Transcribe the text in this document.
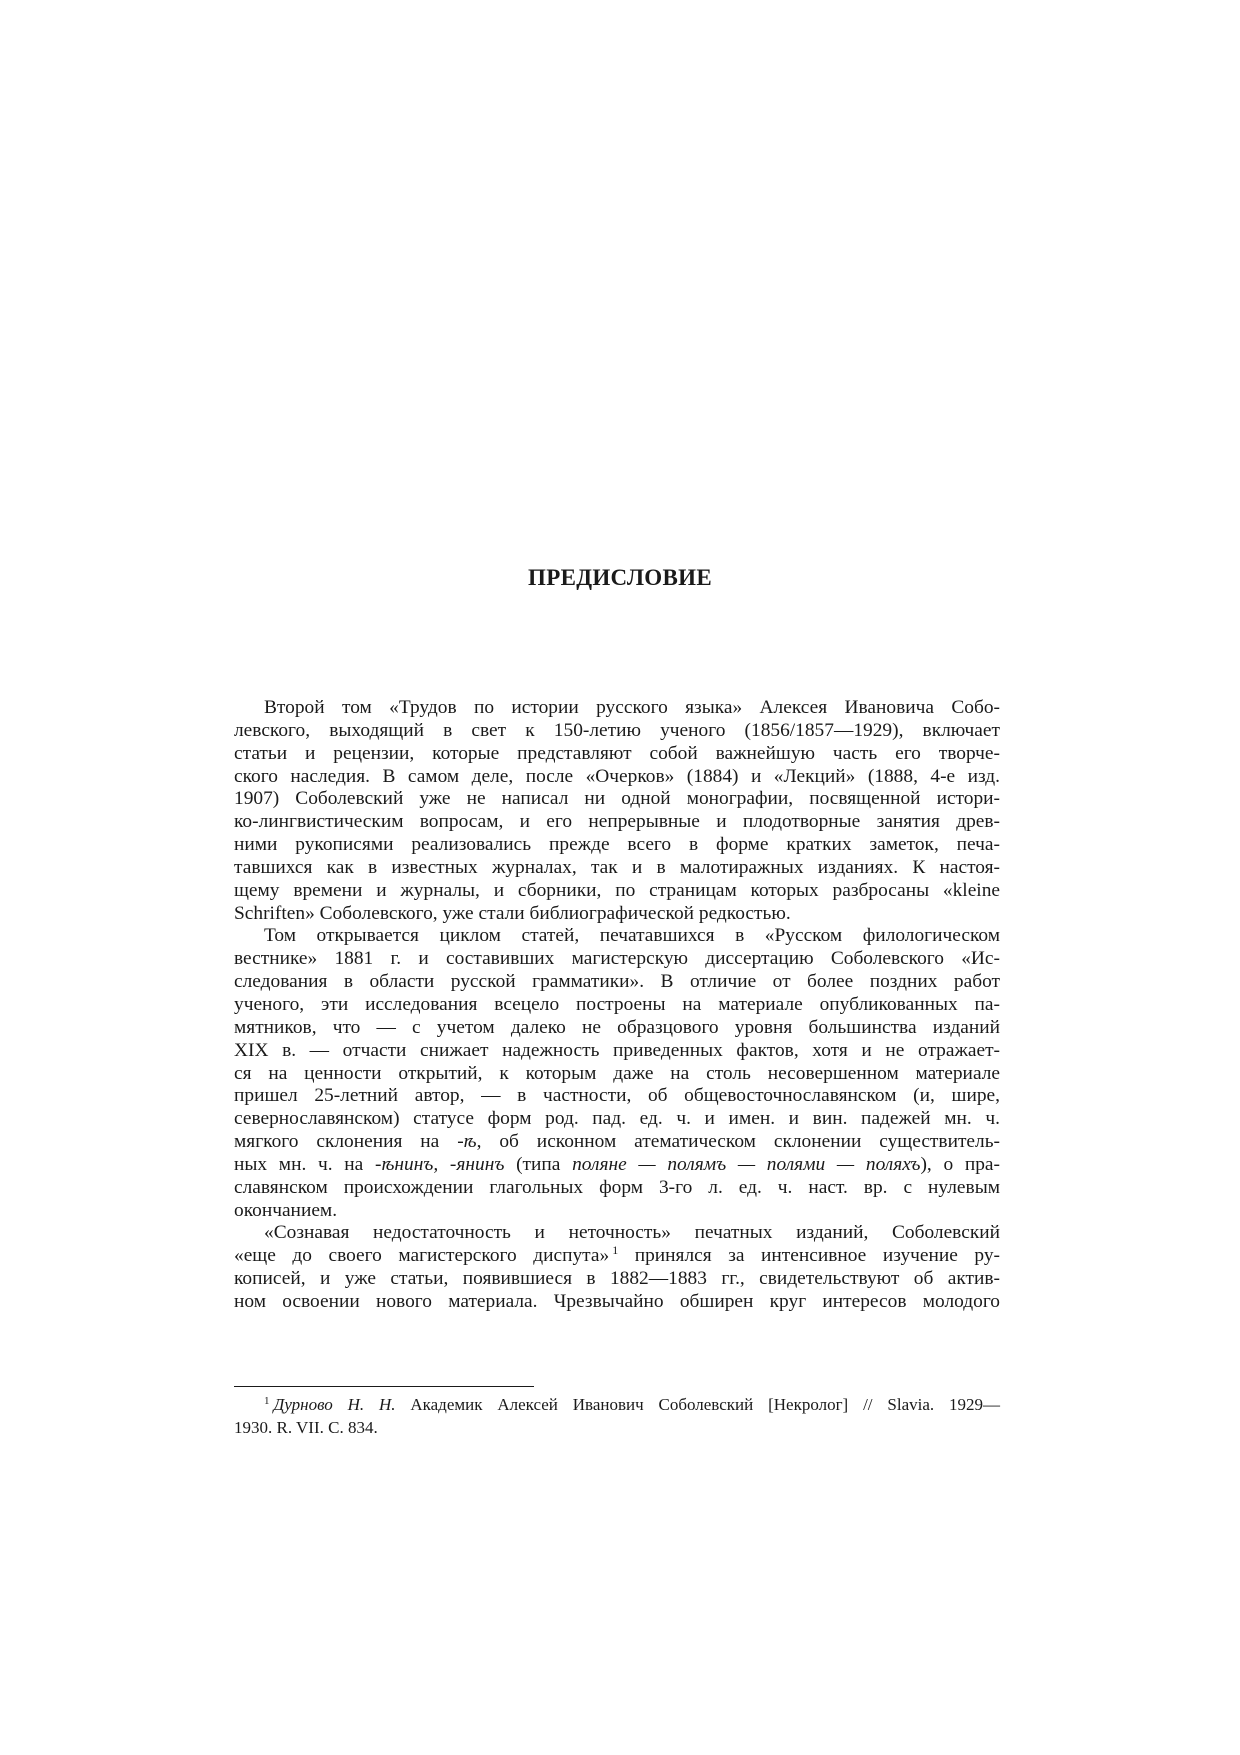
ПРЕДИСЛОВИЕ

Второй том «Трудов по истории русского языка» Алексея Ивановича Собо-
левского, выходящий в свет к 150-летию ученого (1856/1857—1929), включает
статьи и рецензии, которые представляют собой важнейшую часть его творче-
ского наследия. В самом деле, после «Очерков» (1884) и «Лекций» (1888, 4-е изд.
1907) Соболевский уже не написал ни одной монографии, посвященной истори-
ко-лингвистическим вопросам, и его непрерывные и плодотворные занятия древ-
ними рукописями реализовались прежде всего в форме кратких заметок, печа-
тавшихся как в известных журналах, так и в малотиражных изданиях. К настоя-
щему времени и журналы, и сборники, по страницам которых разбросаны «kleine
Schriften» Соболевского, уже стали библиографической редкостью.

Том открывается циклом статей, печатавшихся в «Русском филологическом
вестнике» 1881 г. и составивших магистерскую диссертацию Соболевского «Ис-
следования в области русской грамматики». В отличие от более поздних работ
ученого, эти исследования всецело построены на материале опубликованных па-
мятников, что — с учетом далеко не образцового уровня большинства изданий
XIX в. — отчасти снижает надежность приведенных фактов, хотя и не отражает-
ся на ценности открытий, к которым даже на столь несовершенном материале
пришел 25-летний автор, — в частности, об общевосточнославянском (и, шире,
севернославянском) статусе форм род. пад. ед. ч. и имен. и вин. падежей мн. ч.
мягкого склонения на -ѣ, об исконном атематическом склонении существитель-
ных мн. ч. на -ѣнинъ, -янинъ (типа поляне — полямъ — полями — поляхъ), о пра-
славянском происхождении глагольных форм 3-го л. ед. ч. наст. вр. с нулевым
окончанием.

«Сознавая недостаточность и неточность» печатных изданий, Соболевский
«еще до своего магистерского диспута» $^1$ принялся за интенсивное изучение ру-
кописей, и уже статьи, появившиеся в 1882—1883 гг., свидетельствуют об актив-
ном освоении нового материала. Чрезвычайно обширен круг интересов молодого

$^1$ Дурново Н. Н. Академик Алексей Иванович Соболевский [Некролог] // Slavia. 1929—
1930. R. VII. С. 834.
